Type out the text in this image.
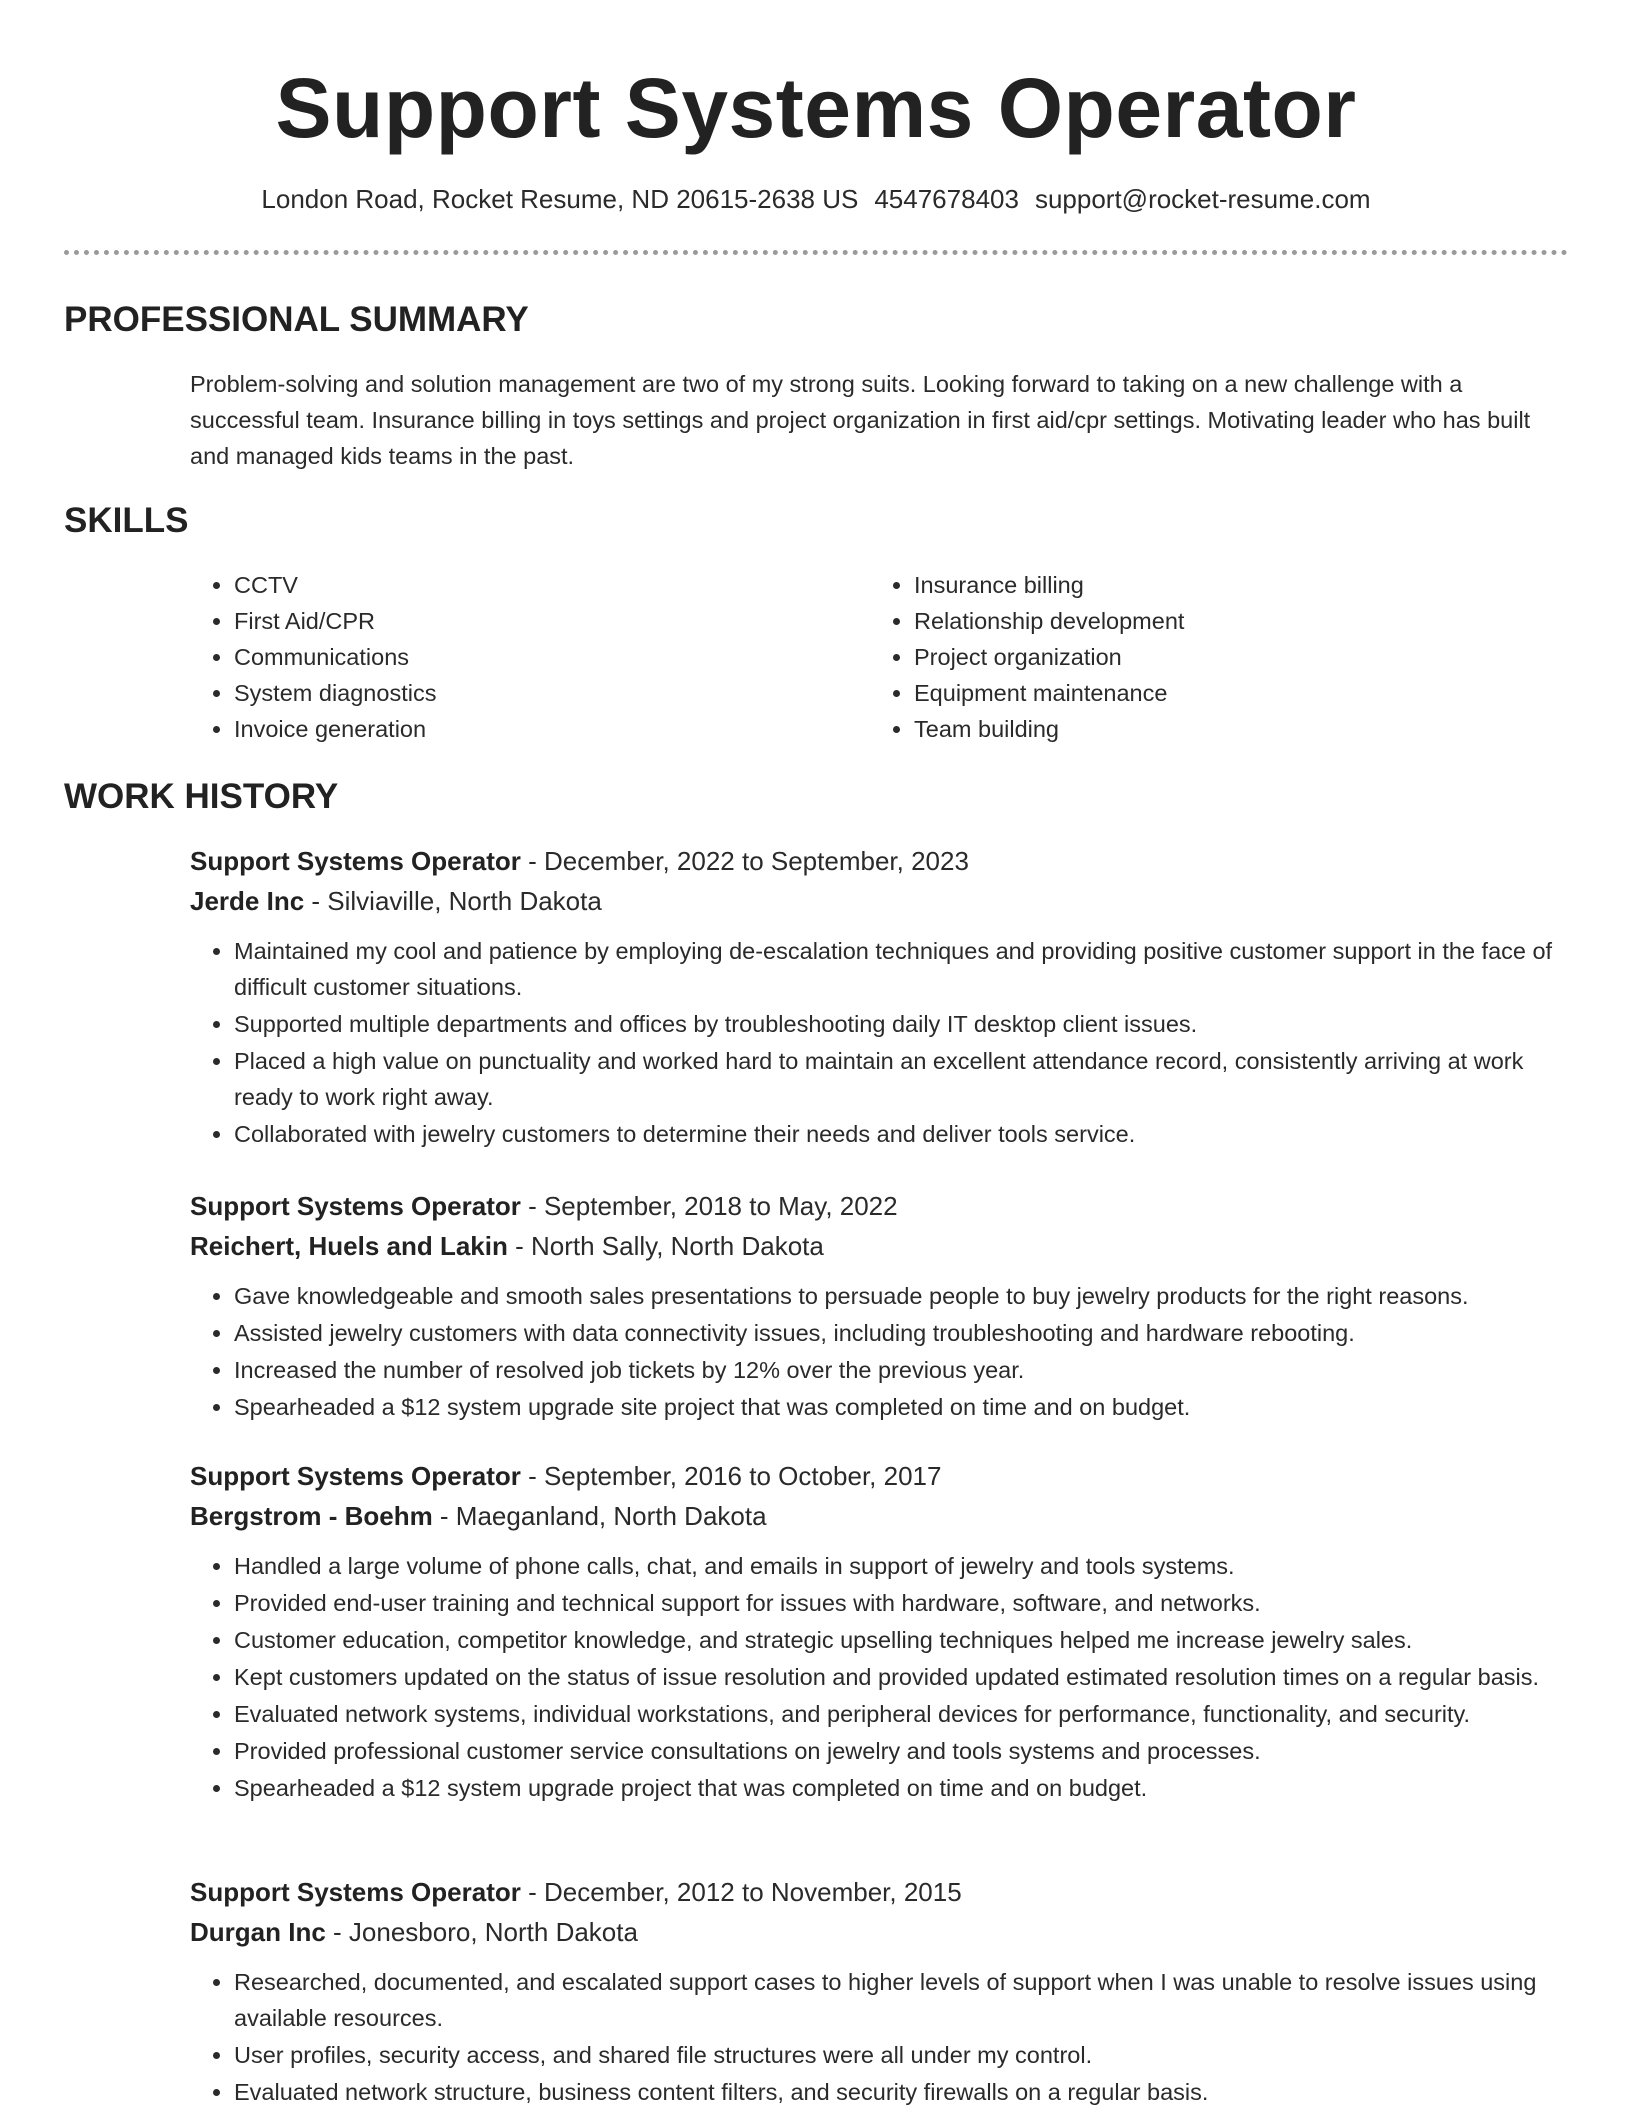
Support Systems Operator
London Road, Rocket Resume, ND 20615-2638 US 4547678403 support@rocket-resume.com
PROFESSIONAL SUMMARY

Problem-solving and solution management are two of my strong suits. Looking forward to taking on a new challenge with a successful team. Insurance billing in toys settings and project organization in first aid/cpr settings. Motivating leader who has built and managed kids teams in the past.

SKILLS
• CCTV
• First Aid/CPR
• Communications
• System diagnostics
• Invoice generation
• Insurance billing
• Relationship development
• Project organization
• Equipment maintenance
• Team building
WORK HISTORY

Support Systems Operator - December, 2022 to September, 2023

Jerde Inc - Silviaville, North Dakota

• Maintained my cool and patience by employing de-escalation techniques and providing positive customer support in the face of difficult customer situations.
• Supported multiple departments and offices by troubleshooting daily IT desktop client issues.
• Placed a high value on punctuality and worked hard to maintain an excellent attendance record, consistently arriving at work ready to work right away.
• Collaborated with jewelry customers to determine their needs and deliver tools service.

Support Systems Operator - September, 2018 to May, 2022

Reichert, Huels and Lakin - North Sally, North Dakota

• Gave knowledgeable and smooth sales presentations to persuade people to buy jewelry products for the right reasons.
• Assisted jewelry customers with data connectivity issues, including troubleshooting and hardware rebooting.
• Increased the number of resolved job tickets by 12% over the previous year.
• Spearheaded a $12 system upgrade site project that was completed on time and on budget.

Support Systems Operator - September, 2016 to October, 2017

Bergstrom - Boehm - Maeganland, North Dakota

• Handled a large volume of phone calls, chat, and emails in support of jewelry and tools systems.
• Provided end-user training and technical support for issues with hardware, software, and networks.
• Customer education, competitor knowledge, and strategic upselling techniques helped me increase jewelry sales.
• Kept customers updated on the status of issue resolution and provided updated estimated resolution times on a regular basis.
• Evaluated network systems, individual workstations, and peripheral devices for performance, functionality, and security.
• Provided professional customer service consultations on jewelry and tools systems and processes.
• Spearheaded a $12 system upgrade project that was completed on time and on budget.

Support Systems Operator - December, 2012 to November, 2015

Durgan Inc - Jonesboro, North Dakota

• Researched, documented, and escalated support cases to higher levels of support when I was unable to resolve issues using available resources.
• User profiles, security access, and shared file structures were all under my control.
• Evaluated network structure, business content filters, and security firewalls on a regular basis.
